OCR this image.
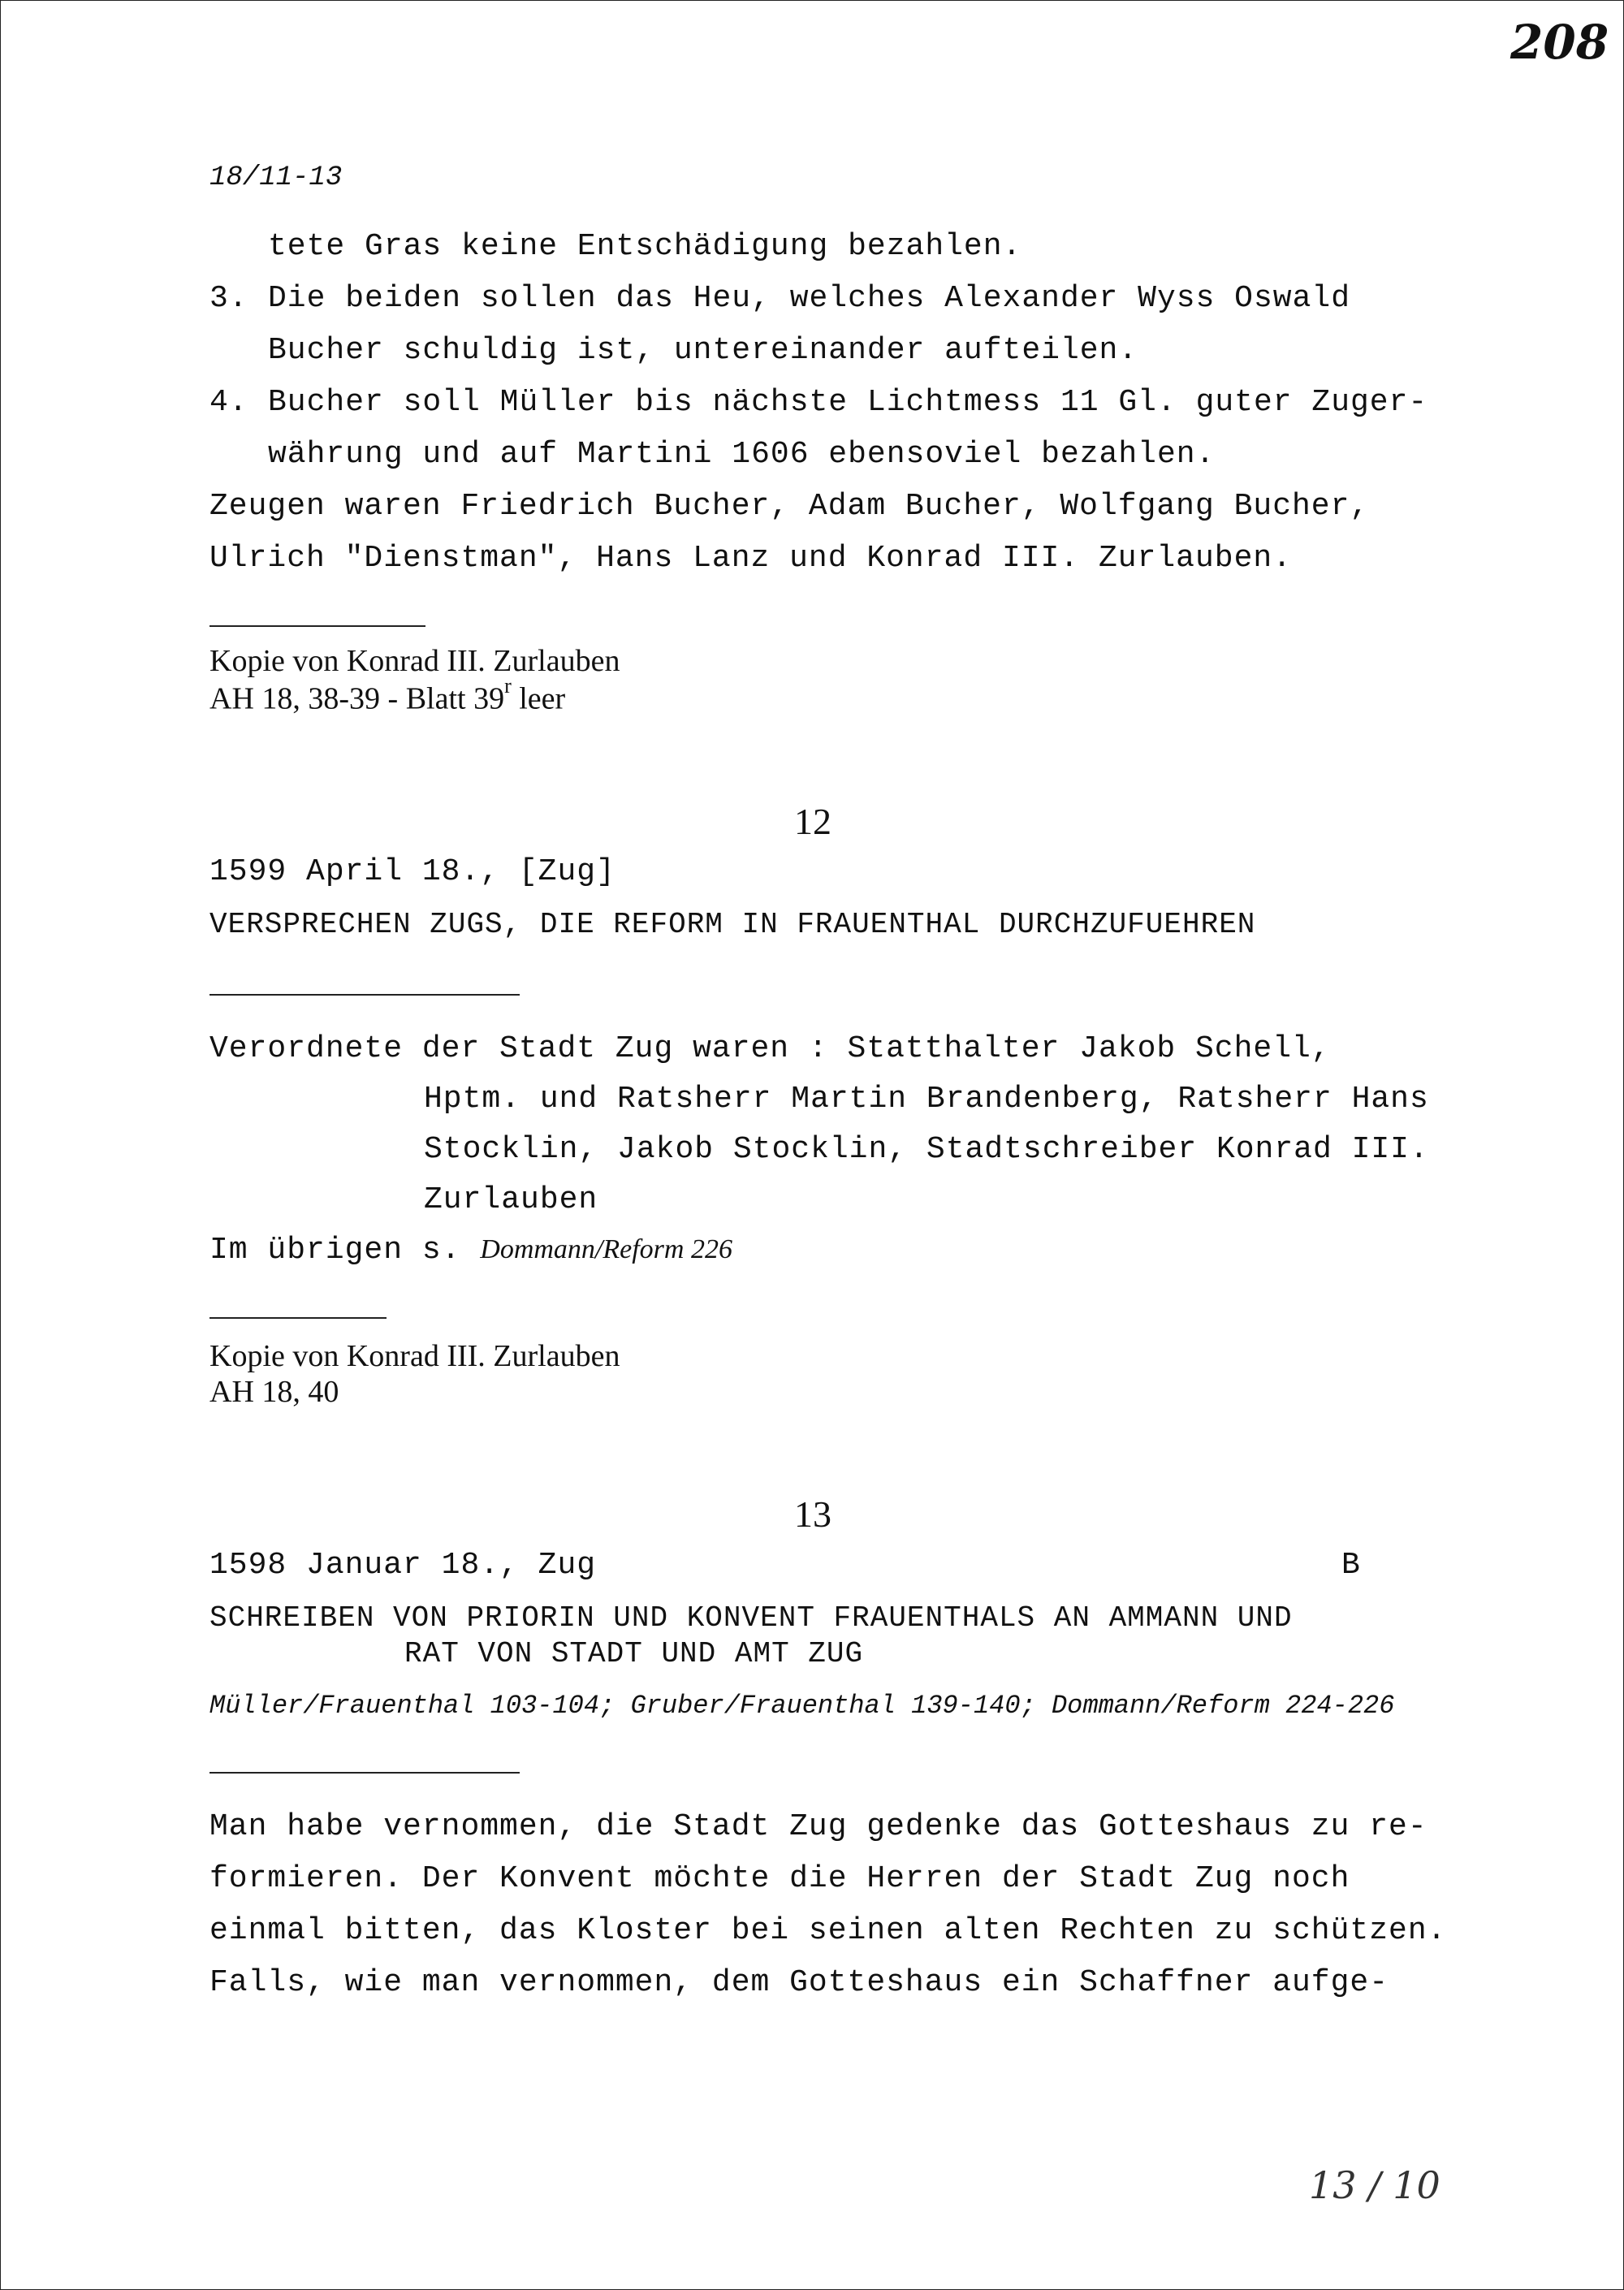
208
18/11-13
tete Gras keine Entschädigung bezahlen.
3. Die beiden sollen das Heu, welches Alexander Wyss Oswald
Bucher schuldig ist, untereinander aufteilen.
4. Bucher soll Müller bis nächste Lichtmess 11 Gl. guter Zuger-
währung und auf Martini 1606 ebensoviel bezahlen.
Zeugen waren Friedrich Bucher, Adam Bucher, Wolfgang Bucher,
Ulrich "Dienstman", Hans Lanz und Konrad III. Zurlauben.
Kopie von Konrad III. Zurlauben
AH 18, 38-39 - Blatt 39$^r$ leer
12
1599 April 18., [Zug]
VERSPRECHEN ZUGS, DIE REFORM IN FRAUENTHAL DURCHZUFUEHREN
Verordnete der Stadt Zug waren : Statthalter Jakob Schell,
Hptm. und Ratsherr Martin Brandenberg, Ratsherr Hans
Stocklin, Jakob Stocklin, Stadtschreiber Konrad III.
Zurlauben
Im übrigen s. Dommann/Reform 226
Kopie von Konrad III. Zurlauben
AH 18, 40
13
1598 Januar 18., Zug	B
SCHREIBEN VON PRIORIN UND KONVENT FRAUENTHALS AN AMMANN UND
RAT VON STADT UND AMT ZUG
Müller/Frauenthal 103-104; Gruber/Frauenthal 139-140; Dommann/Reform 224-226
Man habe vernommen, die Stadt Zug gedenke das Gotteshaus zu re-
formieren. Der Konvent möchte die Herren der Stadt Zug noch
einmal bitten, das Kloster bei seinen alten Rechten zu schützen.
Falls, wie man vernommen, dem Gotteshaus ein Schaffner aufge-
13 / 10
